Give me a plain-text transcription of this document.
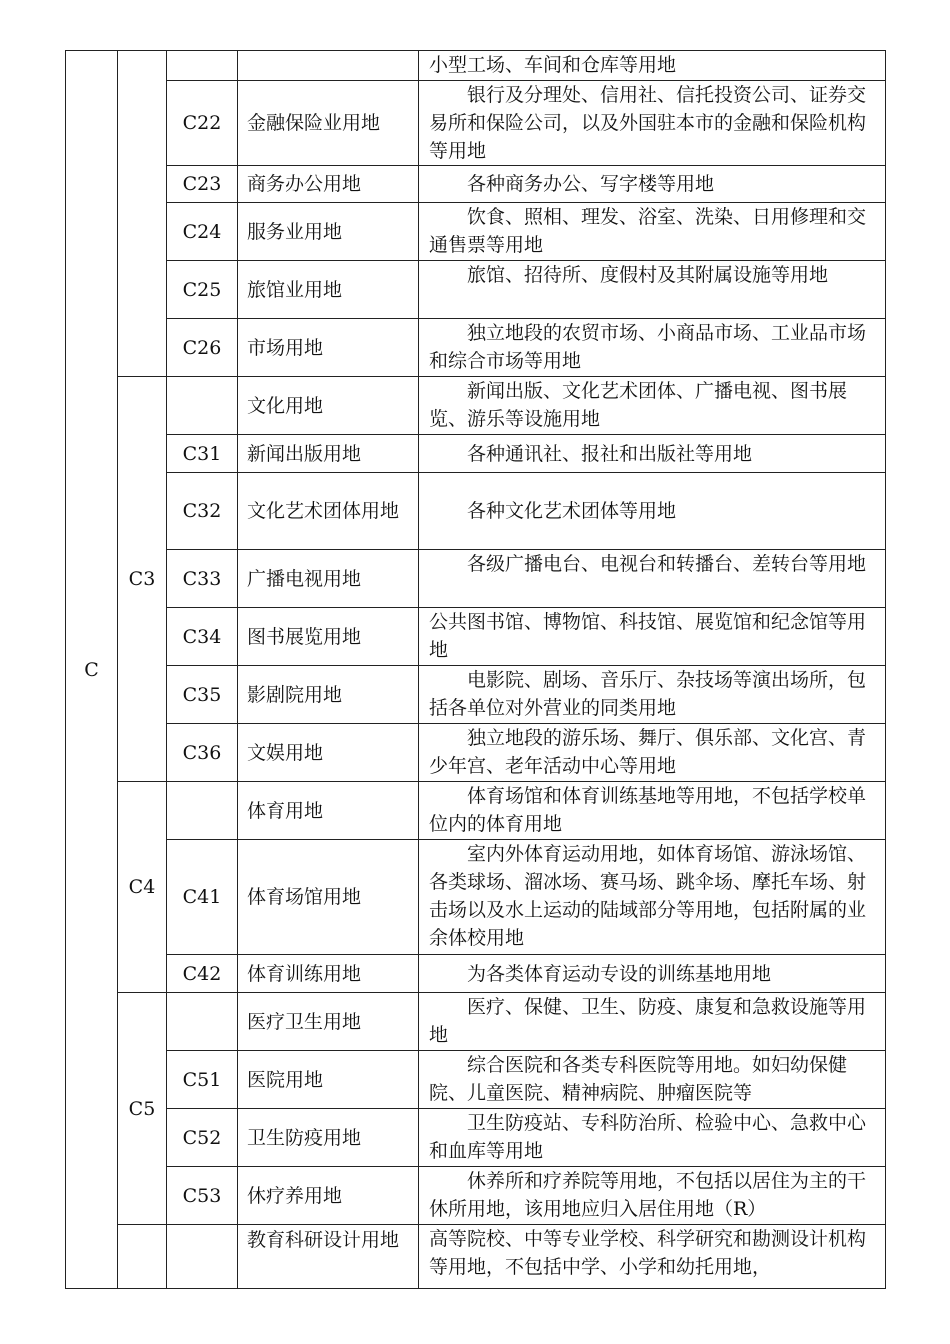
C				小型工场、车间和仓库等用地

		C22	金融保险业用地	银行及分理处、信用社、信托投资公司、证券交易所和保险公司，以及外国驻本市的金融和保险机构等用地

		C23	商务办公用地	各种商务办公、写字楼等用地

		C24	服务业用地	饮食、照相、理发、浴室、洗染、日用修理和交通售票等用地

		C25	旅馆业用地	旅馆、招待所、度假村及其附属设施等用地

		C26	市场用地	独立地段的农贸市场、小商品市场、工业品市场和综合市场等用地

	C3		文化用地	新闻出版、文化艺术团体、广播电视、图书展览、游乐等设施用地

		C31	新闻出版用地	各种通讯社、报社和出版社等用地

		C32	文化艺术团体用地	各种文化艺术团体等用地

		C33	广播电视用地	各级广播电台、电视台和转播台、差转台等用地

		C34	图书展览用地	公共图书馆、博物馆、科技馆、展览馆和纪念馆等用地

		C35	影剧院用地	电影院、剧场、音乐厅、杂技场等演出场所，包括各单位对外营业的同类用地

		C36	文娱用地	独立地段的游乐场、舞厅、俱乐部、文化宫、青少年宫、老年活动中心等用地

	C4		体育用地	体育场馆和体育训练基地等用地，不包括学校单位内的体育用地

		C41	体育场馆用地	室内外体育运动用地，如体育场馆、游泳场馆、各类球场、溜冰场、赛马场、跳伞场、摩托车场、射击场以及水上运动的陆域部分等用地，包括附属的业余体校用地

		C42	体育训练用地	为各类体育运动专设的训练基地用地

	C5		医疗卫生用地	医疗、保健、卫生、防疫、康复和急救设施等用地

		C51	医院用地	综合医院和各类专科医院等用地。如妇幼保健院、儿童医院、精神病院、肿瘤医院等

		C52	卫生防疫用地	卫生防疫站、专科防治所、检验中心、急救中心和血库等用地

		C53	休疗养用地	休养所和疗养院等用地，不包括以居住为主的干休所用地，该用地应归入居住用地（R）

			教育科研设计用地	高等院校、中等专业学校、科学研究和勘测设计机构等用地，不包括中学、小学和幼托用地，
